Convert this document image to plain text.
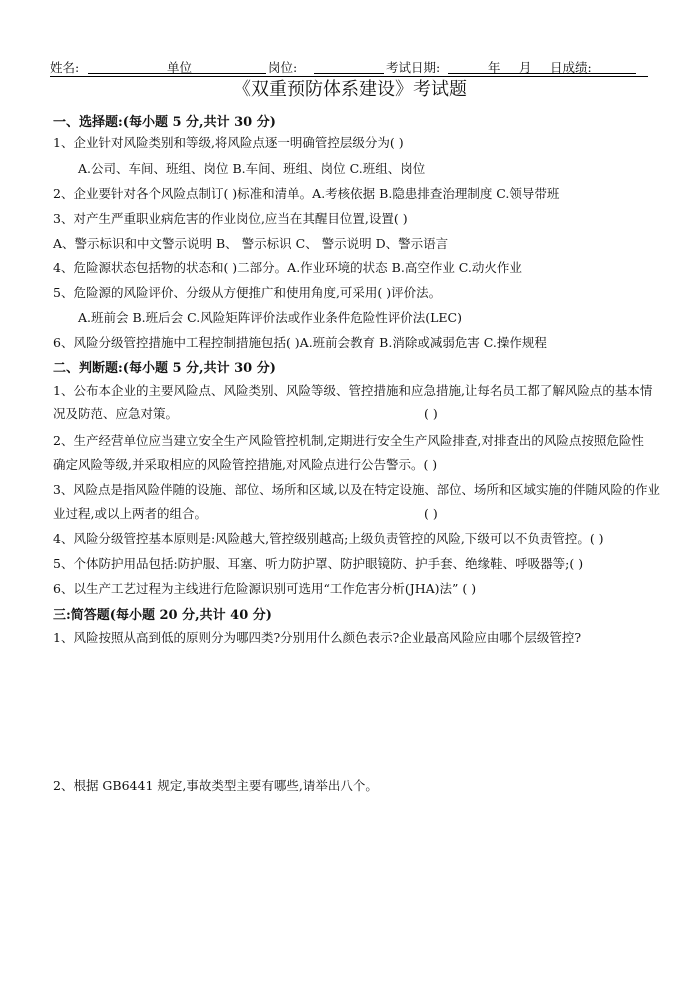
姓名:	单位	岗位:	考试日期:	年 月 日成绩:
《双重预防体系建设》考试题
一、选择题:(每小题 5 分,共计 30 分)
1、企业针对风险类别和等级,将风险点逐一明确管控层级分为( )
A.公司、车间、班组、岗位 B.车间、班组、岗位 C.班组、岗位
2、企业要针对各个风险点制订( )标准和清单。A.考核依据 B.隐患排查治理制度 C.领导带班
3、对产生严重职业病危害的作业岗位,应当在其醒目位置,设置( )
A、警示标识和中文警示说明 B、 警示标识 C、 警示说明 D、警示语言
4、危险源状态包括物的状态和( )二部分。A.作业环境的状态 B.高空作业 C.动火作业
5、危险源的风险评价、分级从方便推广和使用角度,可采用( )评价法。
A.班前会 B.班后会 C.风险矩阵评价法或作业条件危险性评价法(LEC)
6、风险分级管控措施中工程控制措施包括( )A.班前会教育 B.消除或减弱危害 C.操作规程
二、判断题:(每小题 5 分,共计 30 分)
1、公布本企业的主要风险点、风险类别、风险等级、管控措施和应急措施,让每名员工都了解风险点的基本情
况及防范、应急对策。	( )
2、生产经营单位应当建立安全生产风险管控机制,定期进行安全生产风险排查,对排查出的风险点按照危险性
确定风险等级,并采取相应的风险管控措施,对风险点进行公告警示。( )
3、风险点是指风险伴随的设施、部位、场所和区域,以及在特定设施、部位、场所和区域实施的伴随风险的作业
业过程,或以上两者的组合。	( )
4、风险分级管控基本原则是:风险越大,管控级别越高;上级负责管控的风险,下级可以不负责管控。( )
5、个体防护用品包括:防护服、耳塞、听力防护罩、防护眼镜防、护手套、绝缘鞋、呼吸器等;( )
6、以生产工艺过程为主线进行危险源识别可选用“工作危害分析(JHA)法” ( )
三:简答题(每小题 20 分,共计 40 分)
1、风险按照从高到低的原则分为哪四类?分别用什么颜色表示?企业最高风险应由哪个层级管控?
2、根据 GB6441 规定,事故类型主要有哪些,请举出八个。
